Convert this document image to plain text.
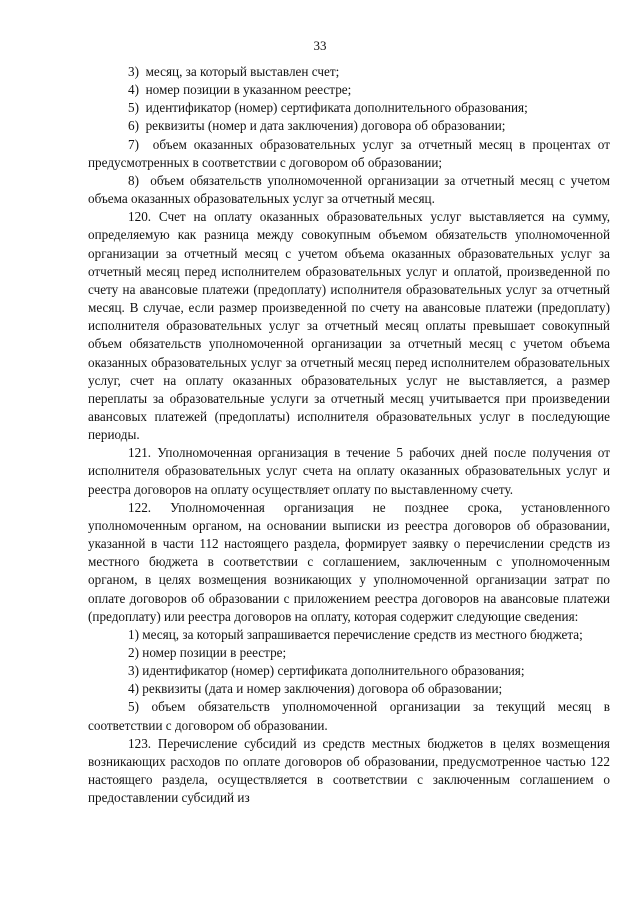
33

3)  месяц, за который выставлен счет;

4)  номер позиции в указанном реестре;

5)  идентификатор (номер) сертификата дополнительного образования;

6)  реквизиты (номер и дата заключения) договора об образовании;

7)  объем оказанных образовательных услуг за отчетный месяц в процентах от предусмотренных в соответствии с договором об образовании;

8)  объем обязательств уполномоченной организации за отчетный месяц с учетом объема оказанных образовательных услуг за отчетный месяц.

120. Счет на оплату оказанных образовательных услуг выставляется на сумму, определяемую как разница между совокупным объемом обязательств уполномоченной организации за отчетный месяц с учетом объема оказанных образовательных услуг за отчетный месяц перед исполнителем образовательных услуг и оплатой, произведенной по счету на авансовые платежи (предоплату) исполнителя образовательных услуг за отчетный месяц. В случае, если размер произведенной по счету на авансовые платежи (предоплату) исполнителя образовательных услуг за отчетный месяц оплаты превышает совокупный объем обязательств уполномоченной организации за отчетный месяц с учетом объема оказанных образовательных услуг за отчетный месяц перед исполнителем образовательных услуг, счет на оплату оказанных образовательных услуг не выставляется, а размер переплаты за образовательные услуги за отчетный месяц учитывается при произведении авансовых платежей (предоплаты) исполнителя образовательных услуг в последующие периоды.

121. Уполномоченная организация в течение 5 рабочих дней после получения от исполнителя образовательных услуг счета на оплату оказанных образовательных услуг и реестра договоров на оплату осуществляет оплату по выставленному счету.

122. Уполномоченная организация не позднее срока, установленного уполномоченным органом, на основании выписки из реестра договоров об образовании, указанной в части 112 настоящего раздела, формирует заявку о перечислении средств из местного бюджета в соответствии с соглашением, заключенным с уполномоченным органом, в целях возмещения возникающих у уполномоченной организации затрат по оплате договоров об образовании с приложением реестра договоров на авансовые платежи (предоплату) или реестра договоров на оплату, которая содержит следующие сведения:

1) месяц, за который запрашивается перечисление средств из местного бюджета;

2) номер позиции в реестре;

3) идентификатор (номер) сертификата дополнительного образования;

4) реквизиты (дата и номер заключения) договора об образовании;

5) объем обязательств уполномоченной организации за текущий месяц в соответствии с договором об образовании.

123. Перечисление субсидий из средств местных бюджетов в целях возмещения возникающих расходов по оплате договоров об образовании, предусмотренное частью 122 настоящего раздела, осуществляется в соответствии с заключенным соглашением о предоставлении субсидий из
